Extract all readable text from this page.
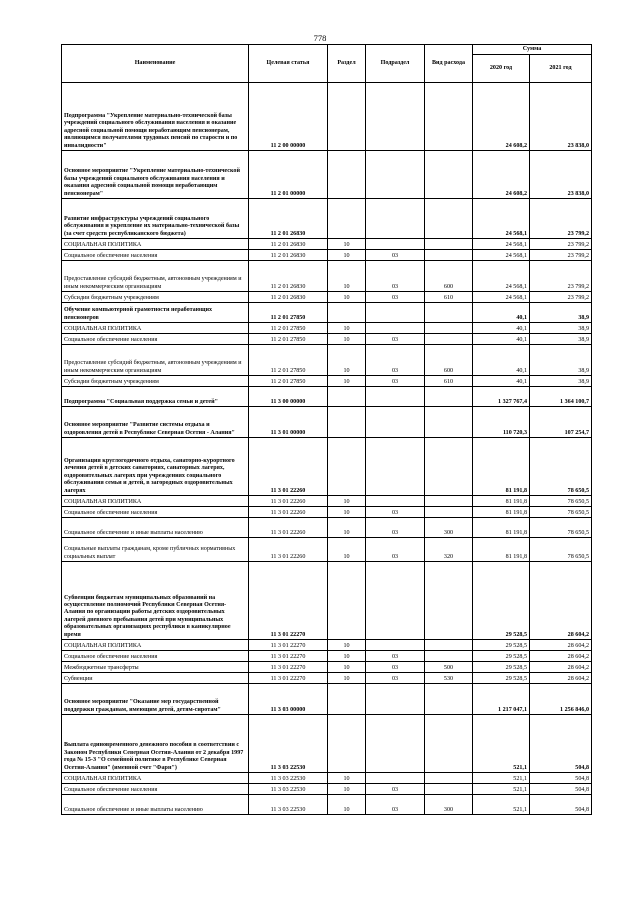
778
Наименование	Целевая статья	Раздел	Подраздел	Вид расхода	Сумма	
					2020 год	2021 год
Подпрограмма "Укрепление материально-технической базы учреждений социального обслуживания населения и оказание адресной социальной помощи неработающим пенсионерам, являющимся получателями трудовых пенсий по старости и по инвалидности"	11 2 00 00000				24 608,2	23 838,0
Основное мероприятие "Укрепление материально-технической базы учреждений социального обслуживания населения и оказания адресной социальной помощи неработающим пенсионерам"	11 2 01 00000				24 608,2	23 838,0
Развитие инфраструктуры учреждений социального обслуживания и укрепление их материально-технической базы (за счет средств республиканского бюджета)	11 2 01 26830				24 568,1	23 799,2
СОЦИАЛЬНАЯ ПОЛИТИКА	11 2 01 26830	10			24 568,1	23 799,2
Социальное обеспечение населения	11 2 01 26830	10	03		24 568,1	23 799,2
Предоставление субсидий бюджетным, автономным учреждениям и иным некоммерческим организациям	11 2 01 26830	10	03	600	24 568,1	23 799,2
Субсидии бюджетным учреждениям	11 2 01 26830	10	03	610	24 568,1	23 799,2
Обучение компьютерной грамотности неработающих пенсионеров	11 2 01 27850				40,1	38,9
СОЦИАЛЬНАЯ ПОЛИТИКА	11 2 01 27850	10			40,1	38,9
Социальное обеспечение населения	11 2 01 27850	10	03		40,1	38,9
Предоставление субсидий бюджетным, автономным учреждениям и иным некоммерческим организациям	11 2 01 27850	10	03	600	40,1	38,9
Субсидии бюджетным учреждениям	11 2 01 27850	10	03	610	40,1	38,9
Подпрограмма "Социальная поддержка семьи и детей"	11 3 00 00000				1 327 767,4	1 364 100,7
Основное мероприятие "Развитие системы отдыха и оздоровления детей в Республике Северная Осетия - Алания"	11 3 01 00000				110 720,3	107 254,7
Организация круглогодичного отдыха, санаторно-курортного лечения детей в детских санаториях, санаторных лагерях, оздоровительных лагерях при учреждениях социального обслуживания семьи и детей, в загородных оздоровительных лагерях	11 3 01 22260				81 191,8	78 650,5
СОЦИАЛЬНАЯ ПОЛИТИКА	11 3 01 22260	10			81 191,8	78 650,5
Социальное обеспечение населения	11 3 01 22260	10	03		81 191,8	78 650,5
Социальное обеспечение и иные выплаты населению	11 3 01 22260	10	03	300	81 191,8	78 650,5
Социальные выплаты гражданам, кроме публичных нормативных социальных выплат	11 3 01 22260	10	03	320	81 191,8	78 650,5
Субвенции бюджетам муниципальных образований на осуществление полномочий Республики Северная Осетия-Алания по организации работы детских оздоровительных лагерей дневного пребывания детей при муниципальных образовательных организациях республики в каникулярное время	11 3 01 22270				29 528,5	28 604,2
СОЦИАЛЬНАЯ ПОЛИТИКА	11 3 01 22270	10			29 528,5	28 604,2
Социальное обеспечение населения	11 3 01 22270	10	03		29 528,5	28 604,2
Межбюджетные трансферты	11 3 01 22270	10	03	500	29 528,5	28 604,2
Субвенции	11 3 01 22270	10	03	530	29 528,5	28 604,2
Основное мероприятие "Оказание мер государственной поддержки гражданам, имеющим детей, детям-сиротам"	11 3 03 00000				1 217 047,1	1 256 846,0
Выплата единовременного денежного пособия в соответствии с Законом Республики Северная Осетия-Алания от 2 декабря 1997 года № 15-З "О семейной политике в Республике Северная Осетия-Алания" (именной счет "Фарн")	11 3 03 22530				521,1	504,8
СОЦИАЛЬНАЯ ПОЛИТИКА	11 3 03 22530	10			521,1	504,8
Социальное обеспечение населения	11 3 03 22530	10	03		521,1	504,8
Социальное обеспечение и иные выплаты населению	11 3 03 22530	10	03	300	521,1	504,8
